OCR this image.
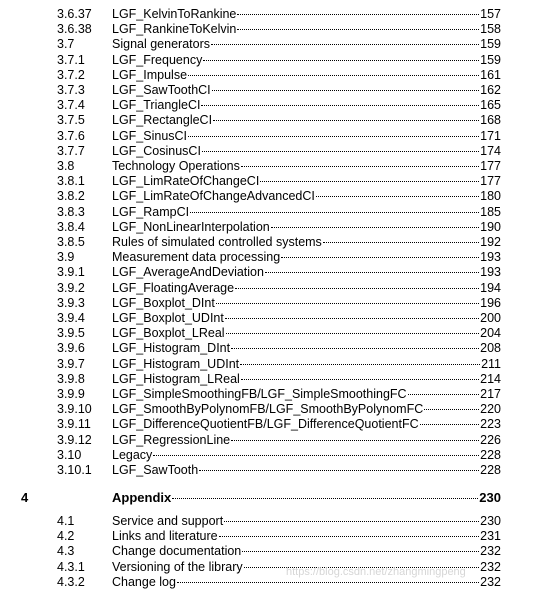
3.6.37 LGF_KelvinToRankine	157
3.6.38 LGF_RankineToKelvin	158
3.7	Signal generators	159
3.7.1 LGF_Frequency	159
3.7.2 LGF_Impulse	161
3.7.3 LGF_SawToothCI	162
3.7.4 LGF_TriangleCI	165
3.7.5 LGF_RectangleCI	168
3.7.6 LGF_SinusCI	171
3.7.7 LGF_CosinusCI	174
3.8	Technology Operations	177
3.8.1 LGF_LimRateOfChangeCI	177
3.8.2 LGF_LimRateOfChangeAdvancedCI	180
3.8.3 LGF_RampCI	185
3.8.4 LGF_NonLinearInterpolation	190
3.8.5 Rules of simulated controlled systems	192
3.9	Measurement data processing	193
3.9.1 LGF_AverageAndDeviation	193
3.9.2 LGF_FloatingAverage	194
3.9.3 LGF_Boxplot_DInt	196
3.9.4 LGF_Boxplot_UDInt	200
3.9.5 LGF_Boxplot_LReal	204
3.9.6 LGF_Histogram_DInt	208
3.9.7 LGF_Histogram_UDInt	211
3.9.8 LGF_Histogram_LReal	214
3.9.9 LGF_SimpleSmoothingFB/LGF_SimpleSmoothingFC	217
3.9.10 LGF_SmoothByPolynomFB/LGF_SmoothByPolynomFC	220
3.9.11 LGF_DifferenceQuotientFB/LGF_DifferenceQuotientFC	223
3.9.12 LGF_RegressionLine	226
3.10 Legacy	228
3.10.1 LGF_SawTooth	228
4	Appendix	230
4.1	Service and support	230
4.2	Links and literature	231
4.3	Change documentation	232
4.3.1 Versioning of the library	232
4.3.2 Change log	232
https://blog.csdn.net/zhangmingpeng
